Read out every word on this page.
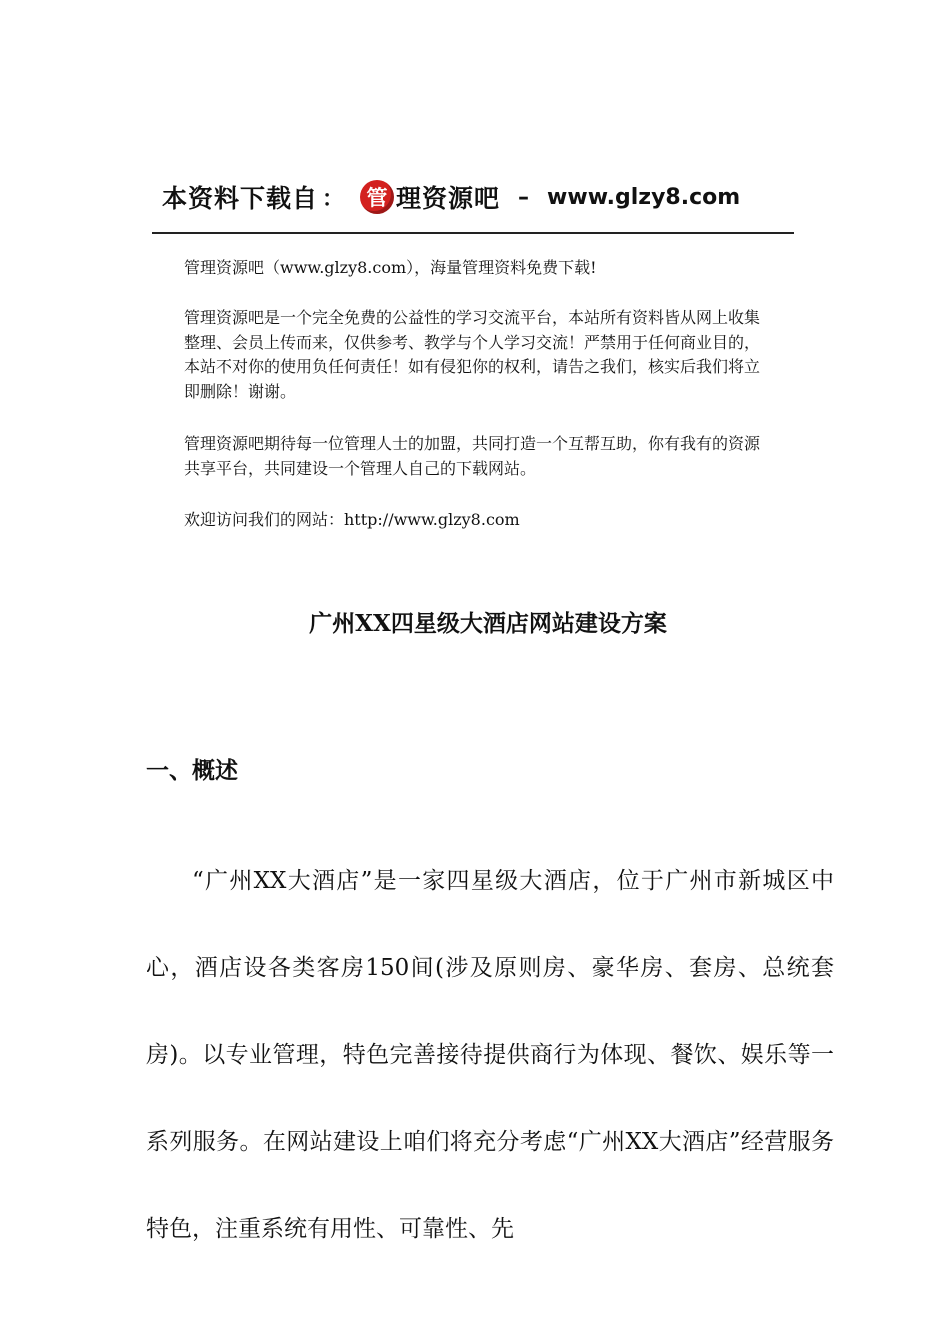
本资料下载自 ：	管 理资源吧 – www.glzy8.com

管理资源吧（www.glzy8.com），海量管理资料免费下载!

管理资源吧是一个完全免费的公益性的学习交流平台，本站所有资料皆从网上收集整理、会员上传而来，仅供参考、教学与个人学习交流！严禁用于任何商业目的，本站不对你的使用负任何责任！如有侵犯你的权利，请告之我们，核实后我们将立即删除！谢谢。

管理资源吧期待每一位管理人士的加盟，共同打造一个互帮互助，你有我有的资源共享平台，共同建设一个管理人自己的下载网站。

欢迎访问我们的网站：http://www.glzy8.com

广州XX四星级大酒店网站建设方案
一、概述

“广州XX大酒店”是一家四星级大酒店，位于广州市新城区中心，酒店设各类客房150间(涉及原则房、豪华房、套房、总统套房)。以专业管理，特色完善接待提供商行为体现、餐饮、娱乐等一系列服务。在网站建设上咱们将充分考虑“广州XX大酒店”经营服务特色，注重系统有用性、可靠性、先
